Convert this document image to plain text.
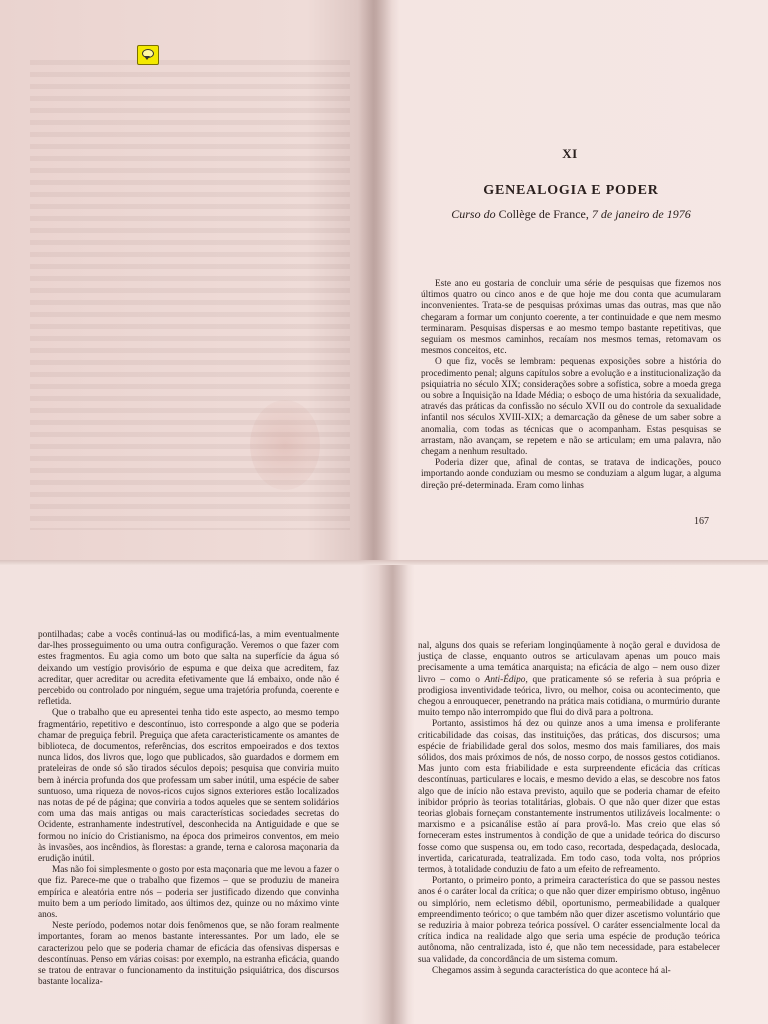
XI
GENEALOGIA E PODER
Curso do Collège de France, 7 de janeiro de 1976

Este ano eu gostaria de concluir uma série de pesquisas que fizemos nos últimos quatro ou cinco anos e de que hoje me dou conta que acumularam inconvenientes. Trata-se de pesquisas próximas umas das outras, mas que não chegaram a formar um conjunto coerente, a ter continuidade e que nem mesmo terminaram. Pesquisas dispersas e ao mesmo tempo bastante repetitivas, que seguiam os mesmos caminhos, recaíam nos mesmos temas, retomavam os mesmos conceitos, etc.

O que fiz, vocês se lembram: pequenas exposições sobre a história do procedimento penal; alguns capítulos sobre a evolução e a institucionalização da psiquiatria no século XIX; considerações sobre a sofística, sobre a moeda grega ou sobre a Inquisição na Idade Média; o esboço de uma história da sexualidade, através das práticas da confissão no século XVII ou do controle da sexualidade infantil nos séculos XVIII-XIX; a demarcação da gênese de um saber sobre a anomalia, com todas as técnicas que o acompanham. Estas pesquisas se arrastam, não avançam, se repetem e não se articulam; em uma palavra, não chegam a nenhum resultado.

Poderia dizer que, afinal de contas, se tratava de indicações, pouco importando aonde conduziam ou mesmo se conduziam a algum lugar, a alguma direção pré-determinada. Eram como linhas

167

pontilhadas; cabe a vocês continuá-las ou modificá-las, a mim eventualmente dar-lhes prosseguimento ou uma outra configuração. Veremos o que fazer com estes fragmentos. Eu agia como um boto que salta na superfície da água só deixando um vestígio provisório de espuma e que deixa que acreditem, faz acreditar, quer acreditar ou acredita efetivamente que lá embaixo, onde não é percebido ou controlado por ninguém, segue uma trajetória profunda, coerente e refletida.

Que o trabalho que eu apresentei tenha tido este aspecto, ao mesmo tempo fragmentário, repetitivo e descontínuo, isto corresponde a algo que se poderia chamar de preguiça febril. Preguiça que afeta caracteristicamente os amantes de biblioteca, de documentos, referências, dos escritos empoeirados e dos textos nunca lidos, dos livros que, logo que publicados, são guardados e dormem em prateleiras de onde só são tirados séculos depois; pesquisa que conviria muito bem à inércia profunda dos que professam um saber inútil, uma espécie de saber suntuoso, uma riqueza de novos-ricos cujos signos exteriores estão localizados nas notas de pé de página; que conviria a todos aqueles que se sentem solidários com uma das mais antigas ou mais características sociedades secretas do Ocidente, estranhamente indestrutível, desconhecida na Antiguidade e que se formou no início do Cristianismo, na época dos primeiros conventos, em meio às invasões, aos incêndios, às florestas: a grande, terna e calorosa maçonaria da erudição inútil.

Mas não foi simplesmente o gosto por esta maçonaria que me levou a fazer o que fiz. Parece-me que o trabalho que fizemos – que se produziu de maneira empírica e aleatória entre nós – poderia ser justificado dizendo que convinha muito bem a um período limitado, aos últimos dez, quinze ou no máximo vinte anos.

Neste período, podemos notar dois fenômenos que, se não foram realmente importantes, foram ao menos bastante interessantes. Por um lado, ele se caracterizou pelo que se poderia chamar de eficácia das ofensivas dispersas e descontínuas. Penso em várias coisas: por exemplo, na estranha eficácia, quando se tratou de entravar o funcionamento da instituição psiquiátrica, dos discursos bastante localiza-

nal, alguns dos quais se referiam longinqüamente à noção geral e duvidosa de justiça de classe, enquanto outros se articulavam apenas um pouco mais precisamente a uma temática anarquista; na eficácia de algo – nem ouso dizer livro – como o Anti-Édipo, que praticamente só se referia à sua própria e prodigiosa inventividade teórica, livro, ou melhor, coisa ou acontecimento, que chegou a enrouquecer, penetrando na prática mais cotidiana, o murmúrio durante muito tempo não interrompido que flui do divã para a poltrona.

Portanto, assistimos há dez ou quinze anos a uma imensa e proliferante criticabilidade das coisas, das instituições, das práticas, dos discursos; uma espécie de friabilidade geral dos solos, mesmo dos mais familiares, dos mais sólidos, dos mais próximos de nós, de nosso corpo, de nossos gestos cotidianos. Mas junto com esta friabilidade e esta surpreendente eficácia das críticas descontínuas, particulares e locais, e mesmo devido a elas, se descobre nos fatos algo que de início não estava previsto, aquilo que se poderia chamar de efeito inibidor próprio às teorias totalitárias, globais. O que não quer dizer que estas teorias globais forneçam constantemente instrumentos utilizáveis localmente: o marxismo e a psicanálise estão aí para provâ-lo. Mas creio que elas só forneceram estes instrumentos à condição de que a unidade teórica do discurso fosse como que suspensa ou, em todo caso, recortada, despedaçada, deslocada, invertida, caricaturada, teatralizada. Em todo caso, toda volta, nos próprios termos, à totalidade conduziu de fato a um efeito de refreamento.

Portanto, o primeiro ponto, a primeira característica do que se passou nestes anos é o caráter local da crítica; o que não quer dizer empirismo obtuso, ingênuo ou simplório, nem ecletismo débil, oportunismo, permeabilidade a qualquer empreendimento teórico; o que também não quer dizer ascetismo voluntário que se reduziria à maior pobreza teórica possível. O caráter essencialmente local da crítica indica na realidade algo que seria uma espécie de produção teórica autônoma, não centralizada, isto é, que não tem necessidade, para estabelecer sua validade, da concordância de um sistema comum.

Chegamos assim à segunda característica do que acontece há al-
